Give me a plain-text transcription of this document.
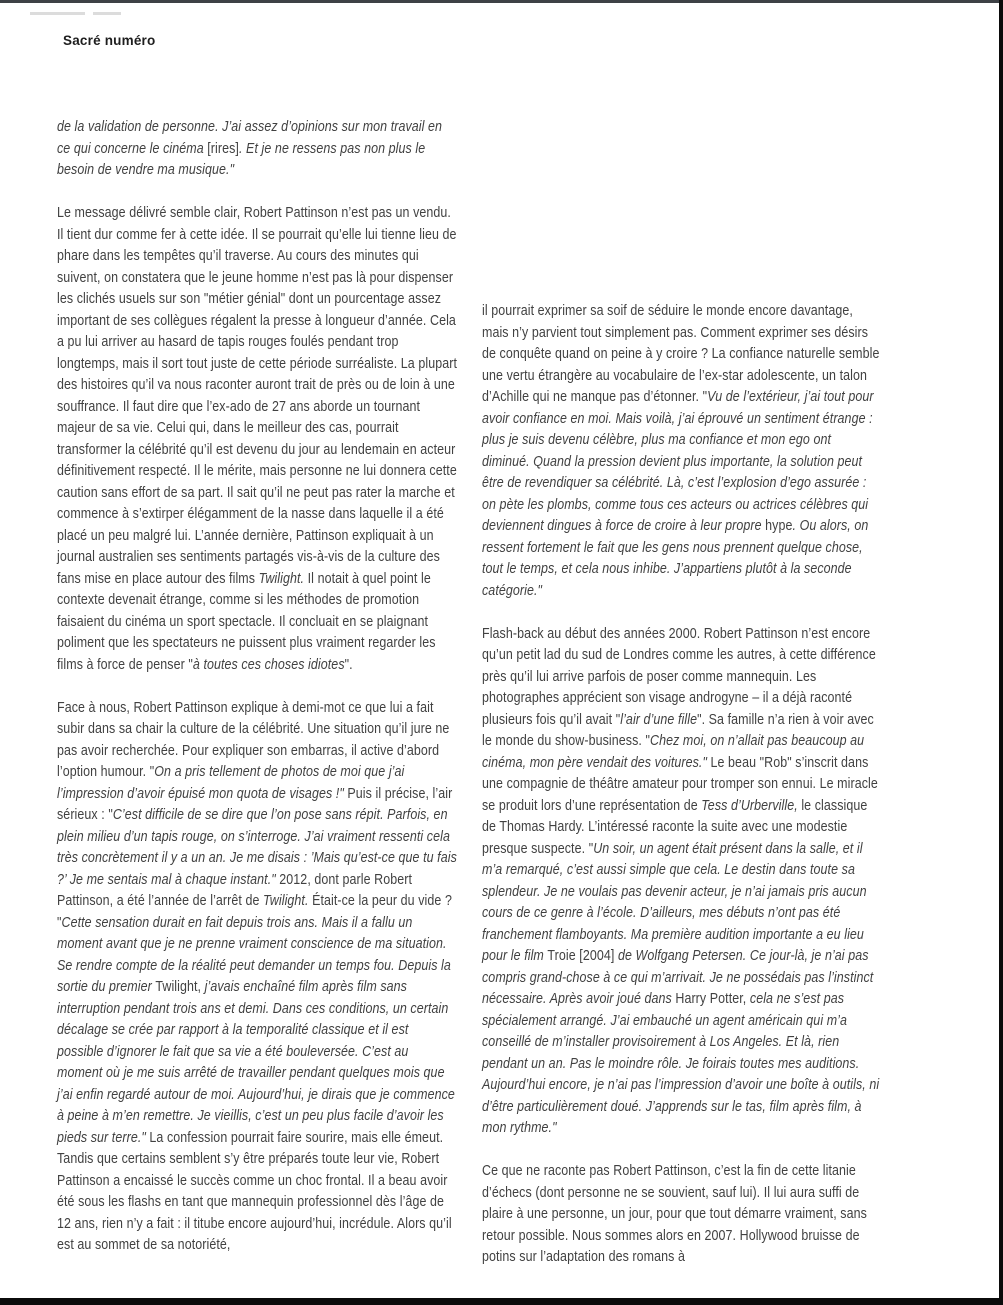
Sacré numéro

de la validation de personne. J’ai assez d’opinions sur mon travail en ce qui concerne le cinéma [rires]. Et je ne ressens pas non plus le besoin de vendre ma musique."

Le message délivré semble clair, Robert Pattinson n’est pas un vendu. Il tient dur comme fer à cette idée. Il se pourrait qu’elle lui tienne lieu de phare dans les tempêtes qu’il traverse. Au cours des minutes qui suivent, on constatera que le jeune homme n’est pas là pour dispenser les clichés usuels sur son "métier génial" dont un pourcentage assez important de ses collègues régalent la presse à longueur d’année. Cela a pu lui arriver au hasard de tapis rouges foulés pendant trop longtemps, mais il sort tout juste de cette période surréaliste. La plupart des histoires qu’il va nous raconter auront trait de près ou de loin à une souffrance. Il faut dire que l’ex-ado de 27 ans aborde un tournant majeur de sa vie. Celui qui, dans le meilleur des cas, pourrait transformer la célébrité qu’il est devenu du jour au lendemain en acteur définitivement respecté. Il le mérite, mais personne ne lui donnera cette caution sans effort de sa part. Il sait qu’il ne peut pas rater la marche et commence à s’extirper élégamment de la nasse dans laquelle il a été placé un peu malgré lui. L’année dernière, Pattinson expliquait à un journal australien ses sentiments partagés vis-à-vis de la culture des fans mise en place autour des films Twilight. Il notait à quel point le contexte devenait étrange, comme si les méthodes de promotion faisaient du cinéma un sport spectacle. Il concluait en se plaignant poliment que les spectateurs ne puissent plus vraiment regarder les films à force de penser "à toutes ces choses idiotes".

Face à nous, Robert Pattinson explique à demi-mot ce que lui a fait subir dans sa chair la culture de la célébrité. Une situation qu’il jure ne pas avoir recherchée. Pour expliquer son embarras, il active d’abord l’option humour. "On a pris tellement de photos de moi que j’ai l’impression d’avoir épuisé mon quota de visages !" Puis il précise, l’air sérieux : "C’est difficile de se dire que l’on pose sans répit. Parfois, en plein milieu d’un tapis rouge, on s’interroge. J’ai vraiment ressenti cela très concrètement il y a un an. Je me disais : ’Mais qu’est-ce que tu fais ?’ Je me sentais mal à chaque instant." 2012, dont parle Robert Pattinson, a été l’année de l’arrêt de Twilight. Était-ce la peur du vide ? "Cette sensation durait en fait depuis trois ans. Mais il a fallu un moment avant que je ne prenne vraiment conscience de ma situation. Se rendre compte de la réalité peut demander un temps fou. Depuis la sortie du premier Twilight, j’avais enchaîné film après film sans interruption pendant trois ans et demi. Dans ces conditions, un certain décalage se crée par rapport à la temporalité classique et il est possible d’ignorer le fait que sa vie a été bouleversée. C’est au moment où je me suis arrêté de travailler pendant quelques mois que j’ai enfin regardé autour de moi. Aujourd’hui, je dirais que je commence à peine à m’en remettre. Je vieillis, c’est un peu plus facile d’avoir les pieds sur terre." La confession pourrait faire sourire, mais elle émeut. Tandis que certains semblent s’y être préparés toute leur vie, Robert Pattinson a encaissé le succès comme un choc frontal. Il a beau avoir été sous les flashs en tant que mannequin professionnel dès l’âge de 12 ans, rien n’y a fait : il titube encore aujourd’hui, incrédule. Alors qu’il est au sommet de sa notoriété,

il pourrait exprimer sa soif de séduire le monde encore davantage, mais n’y parvient tout simplement pas. Comment exprimer ses désirs de conquête quand on peine à y croire ? La confiance naturelle semble une vertu étrangère au vocabulaire de l’ex-star adolescente, un talon d’Achille qui ne manque pas d’étonner. "Vu de l’extérieur, j’ai tout pour avoir confiance en moi. Mais voilà, j’ai éprouvé un sentiment étrange : plus je suis devenu célèbre, plus ma confiance et mon ego ont diminué. Quand la pression devient plus importante, la solution peut être de revendiquer sa célébrité. Là, c’est l’explosion d’ego assurée : on pète les plombs, comme tous ces acteurs ou actrices célèbres qui deviennent dingues à force de croire à leur propre hype. Ou alors, on ressent fortement le fait que les gens nous prennent quelque chose, tout le temps, et cela nous inhibe. J’appartiens plutôt à la seconde catégorie."

Flash-back au début des années 2000. Robert Pattinson n’est encore qu’un petit lad du sud de Londres comme les autres, à cette différence près qu’il lui arrive parfois de poser comme mannequin. Les photographes apprécient son visage androgyne – il a déjà raconté plusieurs fois qu’il avait "l’air d’une fille". Sa famille n’a rien à voir avec le monde du show-business. "Chez moi, on n’allait pas beaucoup au cinéma, mon père vendait des voitures." Le beau "Rob" s’inscrit dans une compagnie de théâtre amateur pour tromper son ennui. Le miracle se produit lors d’une représentation de Tess d’Urberville, le classique de Thomas Hardy. L’intéressé raconte la suite avec une modestie presque suspecte. "Un soir, un agent était présent dans la salle, et il m’a remarqué, c’est aussi simple que cela. Le destin dans toute sa splendeur. Je ne voulais pas devenir acteur, je n’ai jamais pris aucun cours de ce genre à l’école. D’ailleurs, mes débuts n’ont pas été franchement flamboyants. Ma première audition importante a eu lieu pour le film Troie [2004] de Wolfgang Petersen. Ce jour-là, je n’ai pas compris grand-chose à ce qui m’arrivait. Je ne possédais pas l’instinct nécessaire. Après avoir joué dans Harry Potter, cela ne s’est pas spécialement arrangé. J’ai embauché un agent américain qui m’a conseillé de m’installer provisoirement à Los Angeles. Et là, rien pendant un an. Pas le moindre rôle. Je foirais toutes mes auditions. Aujourd’hui encore, je n’ai pas l’impression d’avoir une boîte à outils, ni d’être particulièrement doué. J’apprends sur le tas, film après film, à mon rythme."

Ce que ne raconte pas Robert Pattinson, c’est la fin de cette litanie d’échecs (dont personne ne se souvient, sauf lui). Il lui aura suffi de plaire à une personne, un jour, pour que tout démarre vraiment, sans retour possible. Nous sommes alors en 2007. Hollywood bruisse de potins sur l’adaptation des romans à
